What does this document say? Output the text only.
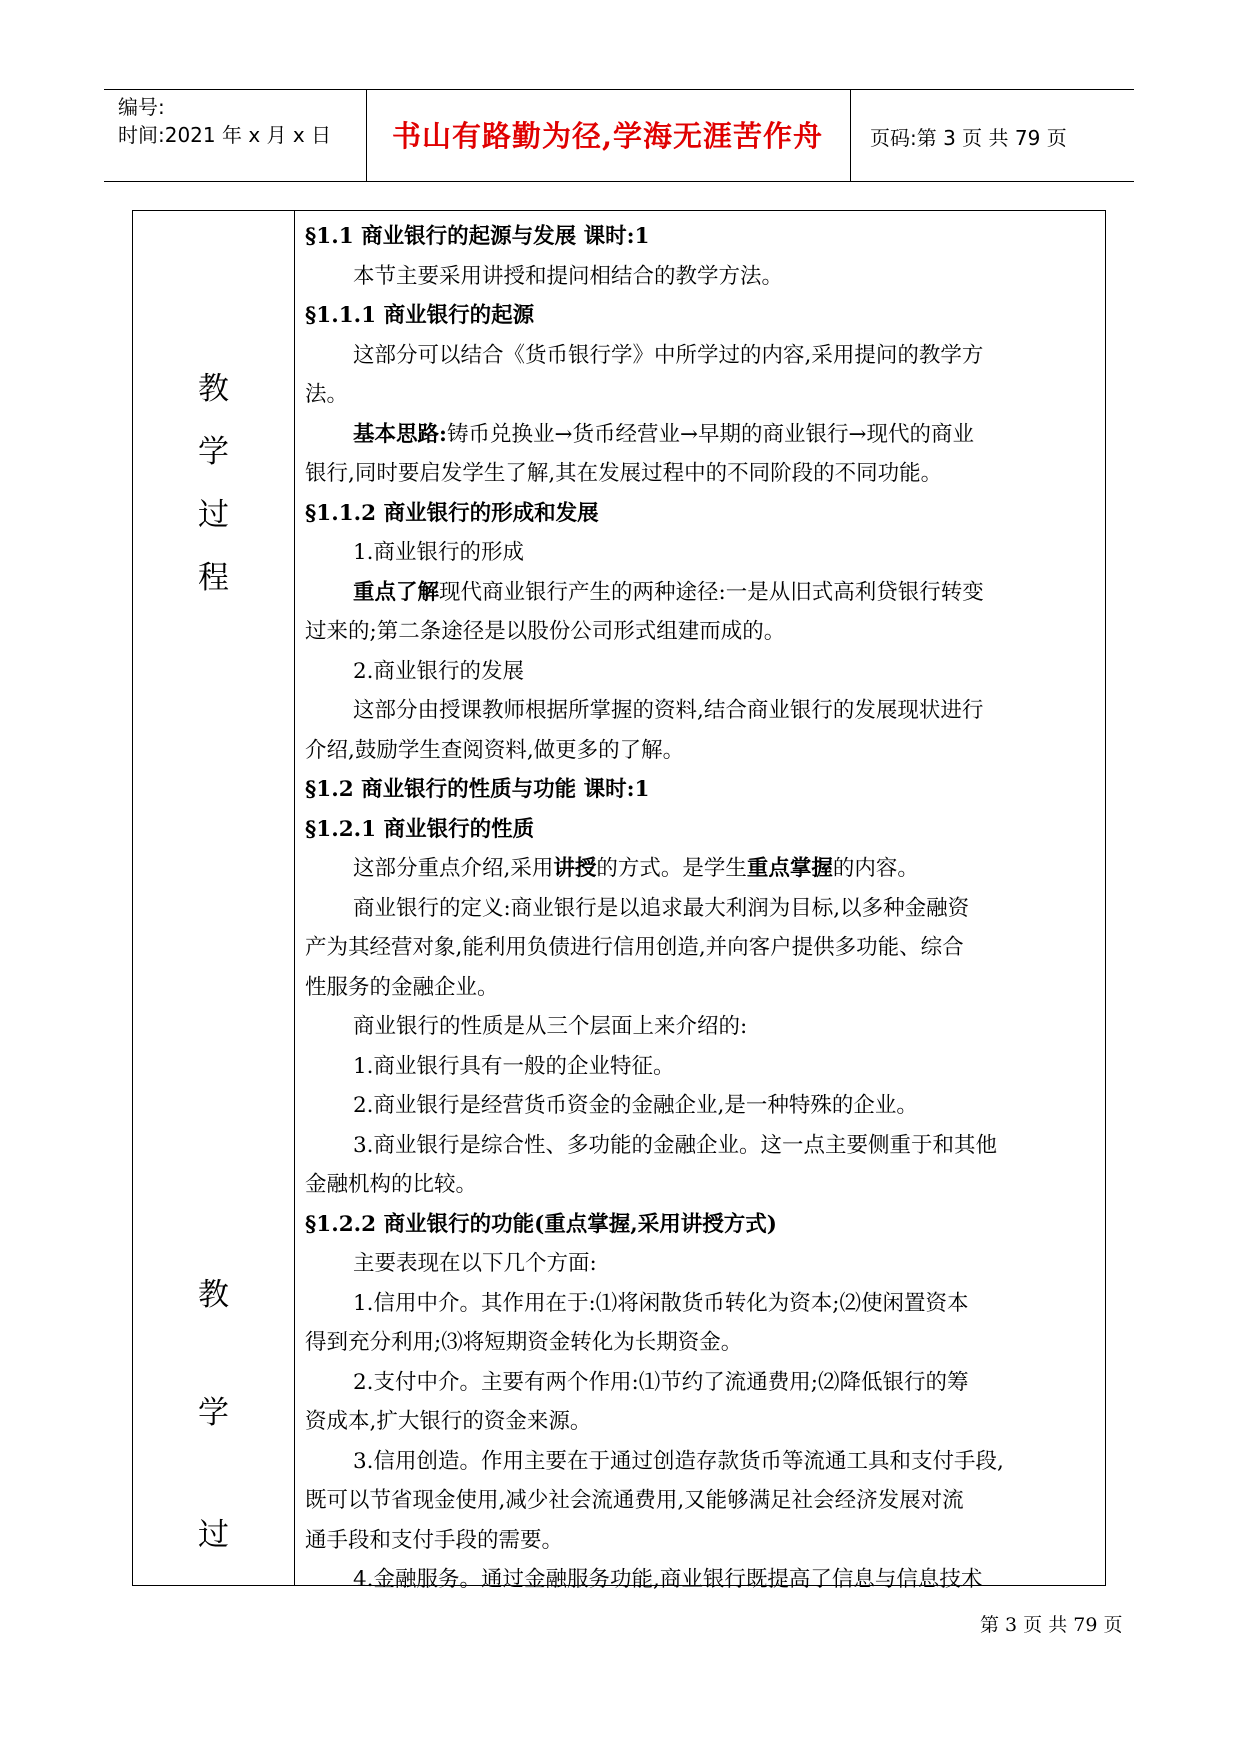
编号:
时间:2021 年 x 月 x 日	书山有路勤为径,学海无涯苦作舟	页码:第 3 页 共 79 页
教
学
过
程
教
学
过
§1.1 商业银行的起源与发展 课时:1
本节主要采用讲授和提问相结合的教学方法。
§1.1.1 商业银行的起源
这部分可以结合《货币银行学》中所学过的内容,采用提问的教学方
法。
基本思路:铸币兑换业→货币经营业→早期的商业银行→现代的商业
银行,同时要启发学生了解,其在发展过程中的不同阶段的不同功能。
§1.1.2 商业银行的形成和发展
1.商业银行的形成
重点了解现代商业银行产生的两种途径:一是从旧式高利贷银行转变
过来的;第二条途径是以股份公司形式组建而成的。
2.商业银行的发展
这部分由授课教师根据所掌握的资料,结合商业银行的发展现状进行
介绍,鼓励学生查阅资料,做更多的了解。
§1.2 商业银行的性质与功能 课时:1
§1.2.1 商业银行的性质
这部分重点介绍,采用讲授的方式。是学生重点掌握的内容。
商业银行的定义:商业银行是以追求最大利润为目标,以多种金融资
产为其经营对象,能利用负债进行信用创造,并向客户提供多功能、综合
性服务的金融企业。
商业银行的性质是从三个层面上来介绍的:
1.商业银行具有一般的企业特征。
2.商业银行是经营货币资金的金融企业,是一种特殊的企业。
3.商业银行是综合性、多功能的金融企业。这一点主要侧重于和其他
金融机构的比较。
§1.2.2 商业银行的功能(重点掌握,采用讲授方式)
主要表现在以下几个方面:
1.信用中介。其作用在于:⑴将闲散货币转化为资本;⑵使闲置资本
得到充分利用;⑶将短期资金转化为长期资金。
2.支付中介。主要有两个作用:⑴节约了流通费用;⑵降低银行的筹
资成本,扩大银行的资金来源。
3.信用创造。作用主要在于通过创造存款货币等流通工具和支付手段,
既可以节省现金使用,减少社会流通费用,又能够满足社会经济发展对流
通手段和支付手段的需要。
4.金融服务。通过金融服务功能,商业银行既提高了信息与信息技术
第 3 页 共 79 页
